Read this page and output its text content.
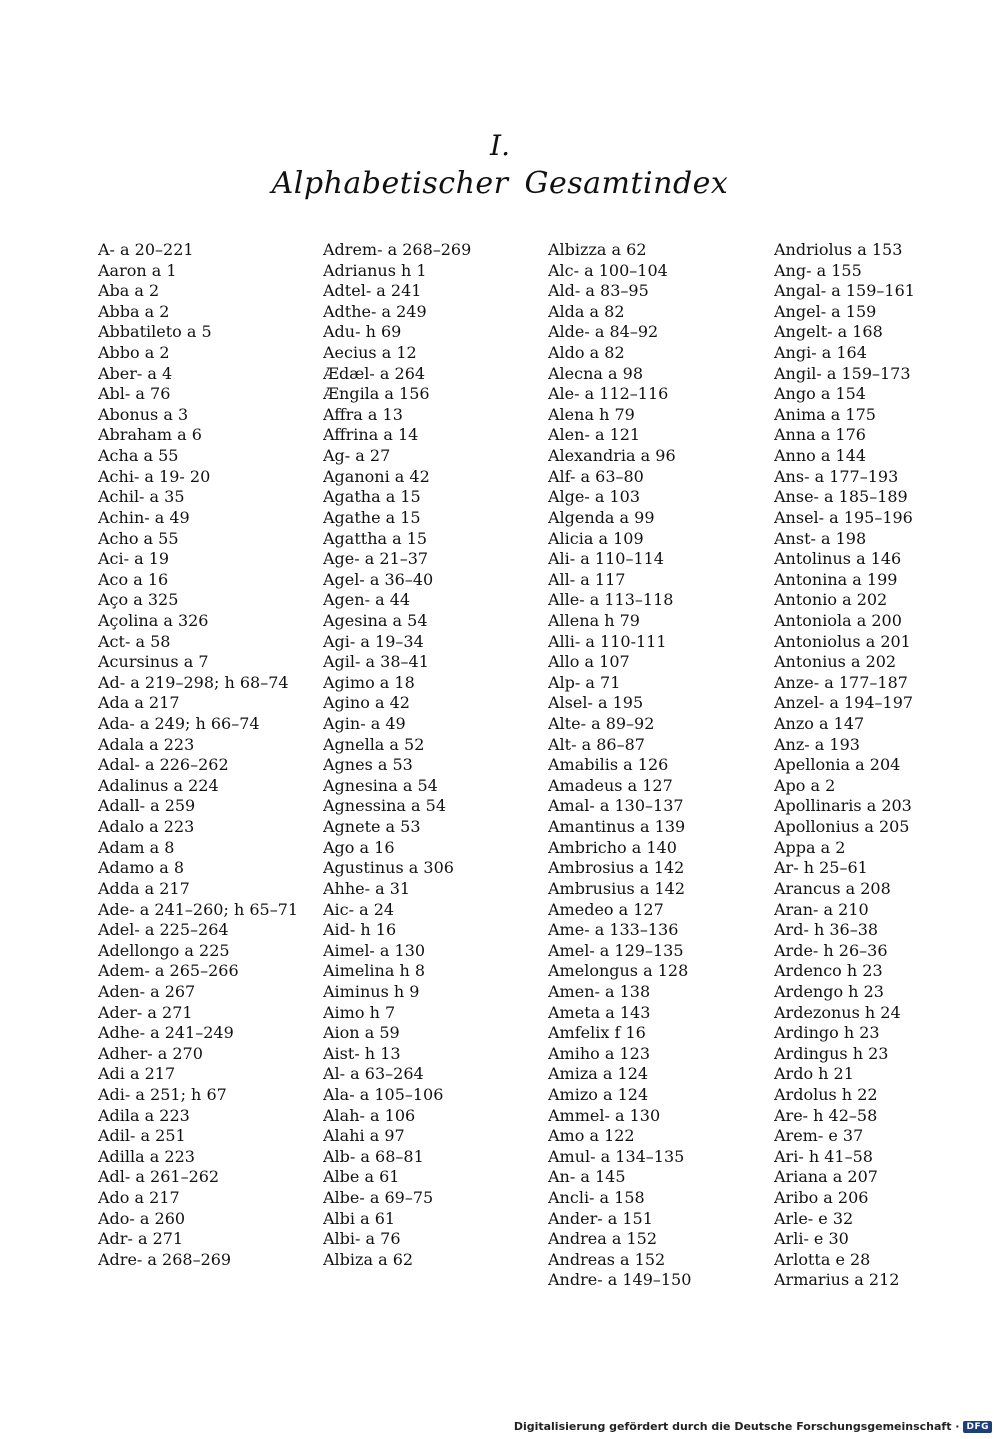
I.
Alphabetischer Gesamtindex
A- a 20–221
Aaron a 1
Aba a 2
Abba a 2
Abbatileto a 5
Abbo a 2
Aber- a 4
Abl- a 76
Abonus a 3
Abraham a 6
Acha a 55
Achi- a 19- 20
Achil- a 35
Achin- a 49
Acho a 55
Aci- a 19
Aco a 16
Aço a 325
Açolina a 326
Act- a 58
Acursinus a 7
Ad- a 219–298; h 68–74
Ada a 217
Ada- a 249; h 66–74
Adala a 223
Adal- a 226–262
Adalinus a 224
Adall- a 259
Adalo a 223
Adam a 8
Adamo a 8
Adda a 217
Ade- a 241–260; h 65–71
Adel- a 225–264
Adellongo a 225
Adem- a 265–266
Aden- a 267
Ader- a 271
Adhe- a 241–249
Adher- a 270
Adi a 217
Adi- a 251; h 67
Adila a 223
Adil- a 251
Adilla a 223
Adl- a 261–262
Ado a 217
Ado- a 260
Adr- a 271
Adre- a 268–269
Adrem- a 268–269
Adrianus h 1
Adtel- a 241
Adthe- a 249
Adu- h 69
Aecius a 12
Ædæl- a 264
Ængila a 156
Affra a 13
Affrina a 14
Ag- a 27
Aganoni a 42
Agatha a 15
Agathe a 15
Agattha a 15
Age- a 21–37
Agel- a 36–40
Agen- a 44
Agesina a 54
Agi- a 19–34
Agil- a 38–41
Agimo a 18
Agino a 42
Agin- a 49
Agnella a 52
Agnes a 53
Agnesina a 54
Agnessina a 54
Agnete a 53
Ago a 16
Agustinus a 306
Ahhe- a 31
Aic- a 24
Aid- h 16
Aimel- a 130
Aimelina h 8
Aiminus h 9
Aimo h 7
Aion a 59
Aist- h 13
Al- a 63–264
Ala- a 105–106
Alah- a 106
Alahi a 97
Alb- a 68–81
Albe a 61
Albe- a 69–75
Albi a 61
Albi- a 76
Albiza a 62
Albizza a 62
Alc- a 100–104
Ald- a 83–95
Alda a 82
Alde- a 84–92
Aldo a 82
Alecna a 98
Ale- a 112–116
Alena h 79
Alen- a 121
Alexandria a 96
Alf- a 63–80
Alge- a 103
Algenda a 99
Alicia a 109
Ali- a 110–114
All- a 117
Alle- a 113–118
Allena h 79
Alli- a 110-111
Allo a 107
Alp- a 71
Alsel- a 195
Alte- a 89–92
Alt- a 86–87
Amabilis a 126
Amadeus a 127
Amal- a 130–137
Amantinus a 139
Ambricho a 140
Ambrosius a 142
Ambrusius a 142
Amedeo a 127
Ame- a 133–136
Amel- a 129–135
Amelongus a 128
Amen- a 138
Ameta a 143
Amfelix f 16
Amiho a 123
Amiza a 124
Amizo a 124
Ammel- a 130
Amo a 122
Amul- a 134–135
An- a 145
Ancli- a 158
Ander- a 151
Andrea a 152
Andreas a 152
Andre- a 149–150
Andriolus a 153
Ang- a 155
Angal- a 159–161
Angel- a 159
Angelt- a 168
Angi- a 164
Angil- a 159–173
Ango a 154
Anima a 175
Anna a 176
Anno a 144
Ans- a 177–193
Anse- a 185–189
Ansel- a 195–196
Anst- a 198
Antolinus a 146
Antonina a 199
Antonio a 202
Antoniola a 200
Antoniolus a 201
Antonius a 202
Anze- a 177–187
Anzel- a 194–197
Anzo a 147
Anz- a 193
Apellonia a 204
Apo a 2
Apollinaris a 203
Apollonius a 205
Appa a 2
Ar- h 25–61
Arancus a 208
Aran- a 210
Ard- h 36–38
Arde- h 26–36
Ardenco h 23
Ardengo h 23
Ardezonus h 24
Ardingo h 23
Ardingus h 23
Ardo h 21
Ardolus h 22
Are- h 42–58
Arem- e 37
Ari- h 41–58
Ariana a 207
Aribo a 206
Arle- e 32
Arli- e 30
Arlotta e 28
Armarius a 212
Digitalisierung gefördert durch die Deutsche Forschungsgemeinschaft · DFG
